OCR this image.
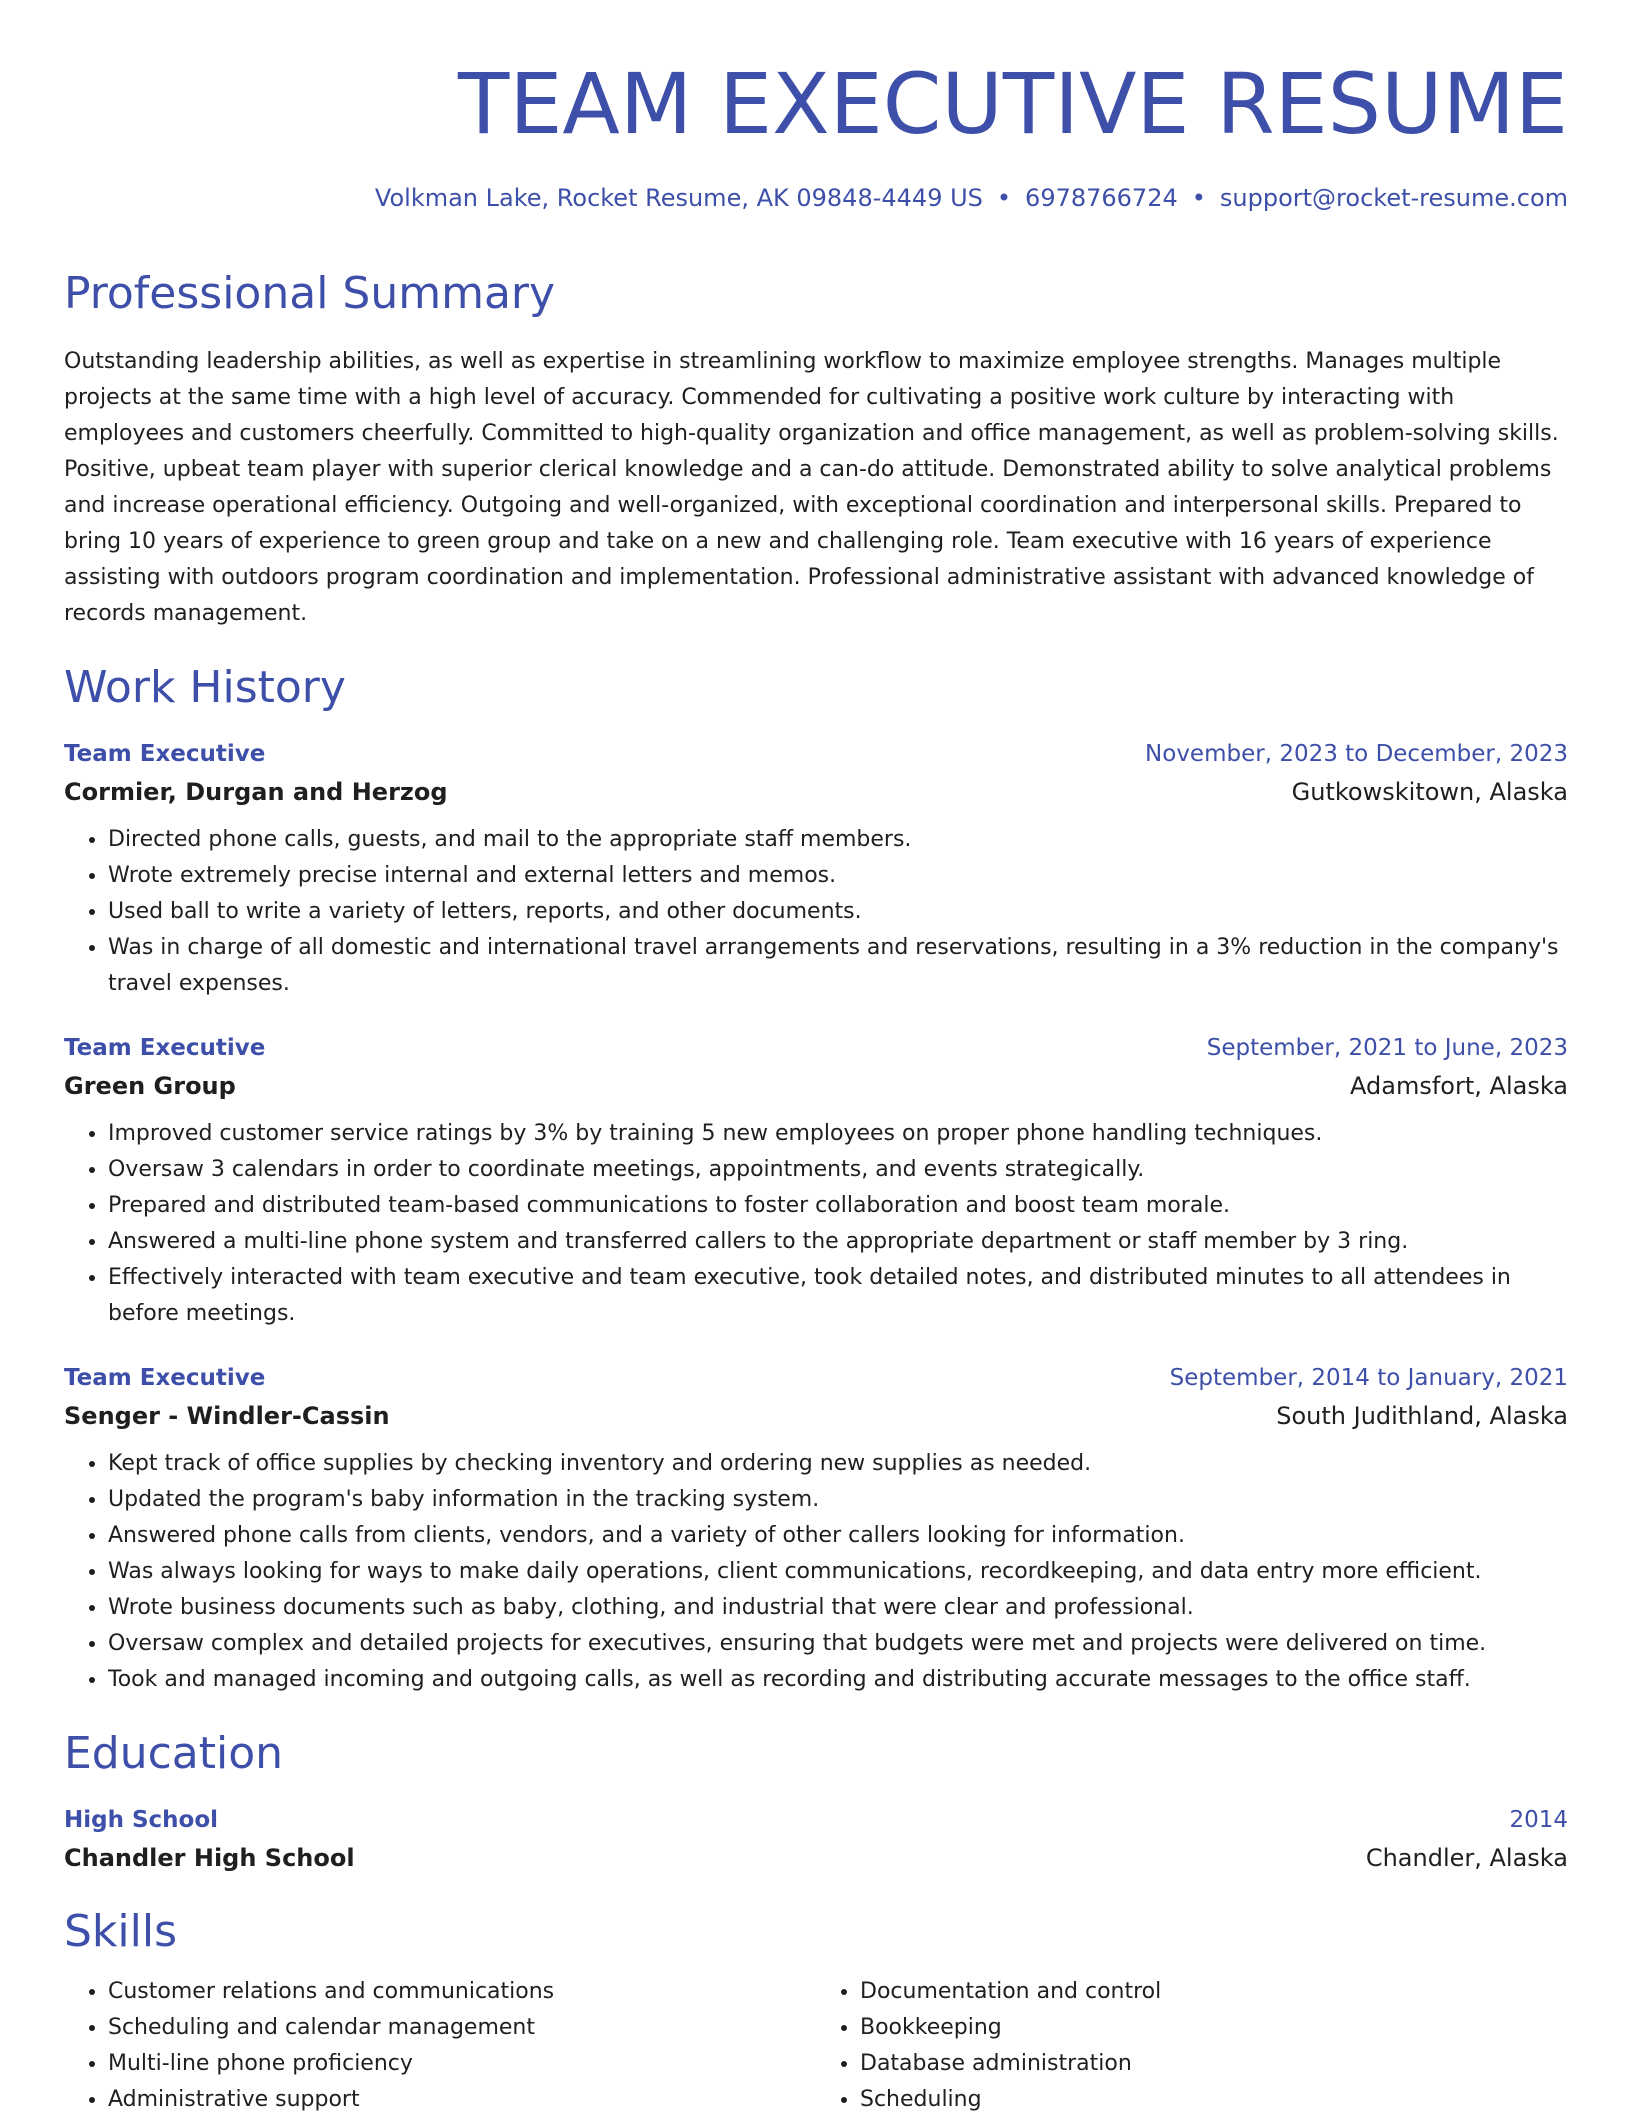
TEAM EXECUTIVE RESUME
Volkman Lake, Rocket Resume, AK 09848-4449 US • 6978766724 • support@rocket-resume.com
Professional Summary
Outstanding leadership abilities, as well as expertise in streamlining workflow to maximize employee strengths. Manages multiple projects at the same time with a high level of accuracy. Commended for cultivating a positive work culture by interacting with employees and customers cheerfully. Committed to high-quality organization and office management, as well as problem-solving skills. Positive, upbeat team player with superior clerical knowledge and a can-do attitude. Demonstrated ability to solve analytical problems and increase operational efficiency. Outgoing and well-organized, with exceptional coordination and interpersonal skills. Prepared to bring 10 years of experience to green group and take on a new and challenging role. Team executive with 16 years of experience assisting with outdoors program coordination and implementation. Professional administrative assistant with advanced knowledge of records management.
Work History
Team Executive	November, 2023 to December, 2023
Cormier, Durgan and Herzog	Gutkowskitown, Alaska
• Directed phone calls, guests, and mail to the appropriate staff members.
• Wrote extremely precise internal and external letters and memos.
• Used ball to write a variety of letters, reports, and other documents.
• Was in charge of all domestic and international travel arrangements and reservations, resulting in a 3% reduction in the company's travel expenses.
Team Executive	September, 2021 to June, 2023
Green Group	Adamsfort, Alaska
• Improved customer service ratings by 3% by training 5 new employees on proper phone handling techniques.
• Oversaw 3 calendars in order to coordinate meetings, appointments, and events strategically.
• Prepared and distributed team-based communications to foster collaboration and boost team morale.
• Answered a multi-line phone system and transferred callers to the appropriate department or staff member by 3 ring.
• Effectively interacted with team executive and team executive, took detailed notes, and distributed minutes to all attendees in before meetings.
Team Executive	September, 2014 to January, 2021
Senger - Windler-Cassin	South Judithland, Alaska
• Kept track of office supplies by checking inventory and ordering new supplies as needed.
• Updated the program's baby information in the tracking system.
• Answered phone calls from clients, vendors, and a variety of other callers looking for information.
• Was always looking for ways to make daily operations, client communications, recordkeeping, and data entry more efficient.
• Wrote business documents such as baby, clothing, and industrial that were clear and professional.
• Oversaw complex and detailed projects for executives, ensuring that budgets were met and projects were delivered on time.
• Took and managed incoming and outgoing calls, as well as recording and distributing accurate messages to the office staff.
Education
High School	2014
Chandler High School	Chandler, Alaska
Skills
• Customer relations and communications
• Scheduling and calendar management
• Multi-line phone proficiency
• Administrative support
• Documentation and control
• Bookkeeping
• Database administration
• Scheduling
